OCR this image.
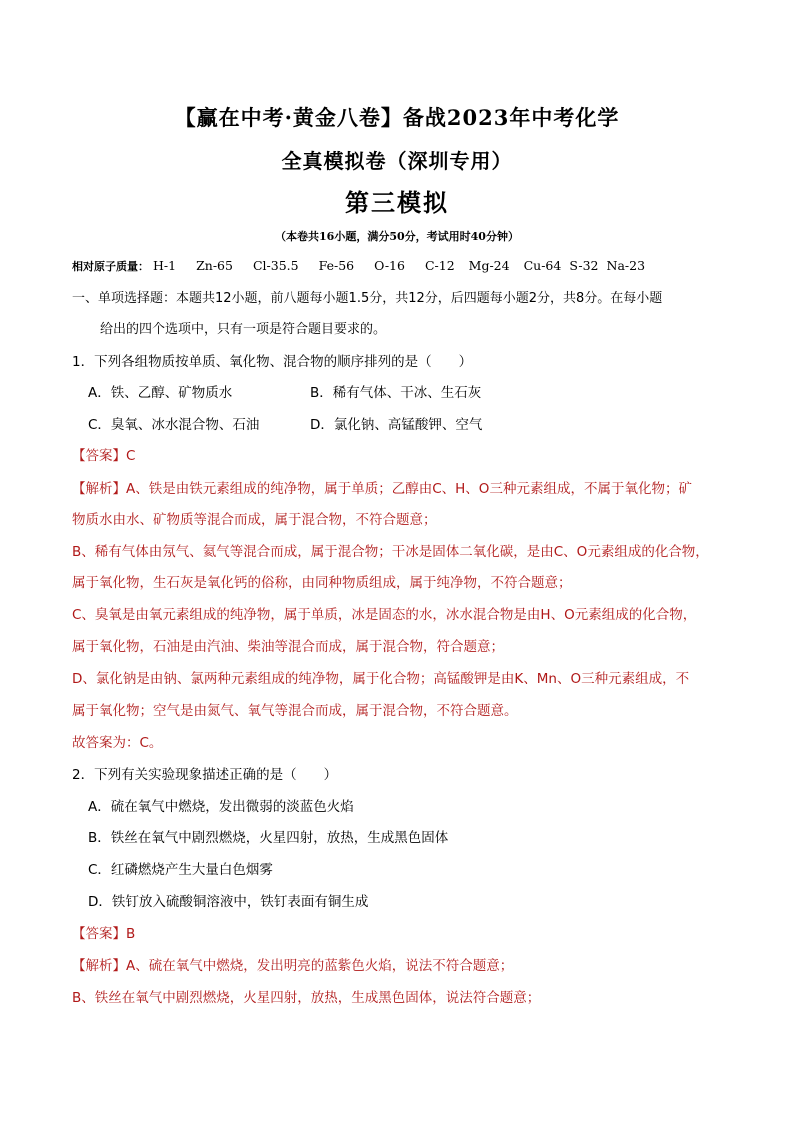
【赢在中考·黄金八卷】备战2023年中考化学
全真模拟卷（深圳专用）
第三模拟
（本卷共16小题，满分50分，考试用时40分钟）
相对原子质量： H-1 Zn-65 Cl-35.5 Fe-56 O-16 C-12 Mg-24 Cu-64 S-32 Na-23
一、单项选择题：本题共12小题，前八题每小题1.5分，共12分，后四题每小题2分，共8分。在每小题
给出的四个选项中，只有一项是符合题目要求的。
1．下列各组物质按单质、氧化物、混合物的顺序排列的是（　　）
A．铁、乙醇、矿物质水	B．稀有气体、干冰、生石灰
C．臭氧、冰水混合物、石油	D．氯化钠、高锰酸钾、空气
【答案】C
【解析】A、铁是由铁元素组成的纯净物，属于单质；乙醇由C、H、O三种元素组成，不属于氧化物；矿
物质水由水、矿物质等混合而成，属于混合物，不符合题意；
B、稀有气体由氖气、氦气等混合而成，属于混合物；干冰是固体二氧化碳，是由C、O元素组成的化合物，
属于氧化物，生石灰是氧化钙的俗称，由同种物质组成，属于纯净物，不符合题意；
C、臭氧是由氧元素组成的纯净物，属于单质，冰是固态的水，冰水混合物是由H、O元素组成的化合物，
属于氧化物，石油是由汽油、柴油等混合而成，属于混合物，符合题意；
D、氯化钠是由钠、氯两种元素组成的纯净物，属于化合物；高锰酸钾是由K、Mn、O三种元素组成，不
属于氧化物；空气是由氮气、氧气等混合而成，属于混合物，不符合题意。
故答案为：C。
2．下列有关实验现象描述正确的是（　　）
A．硫在氧气中燃烧，发出微弱的淡蓝色火焰
B．铁丝在氧气中剧烈燃烧，火星四射，放热，生成黑色固体
C．红磷燃烧产生大量白色烟雾
D．铁钉放入硫酸铜溶液中，铁钉表面有铜生成
【答案】B
【解析】A、硫在氧气中燃烧，发出明亮的蓝紫色火焰，说法不符合题意；
B、铁丝在氧气中剧烈燃烧，火星四射，放热，生成黑色固体，说法符合题意；
